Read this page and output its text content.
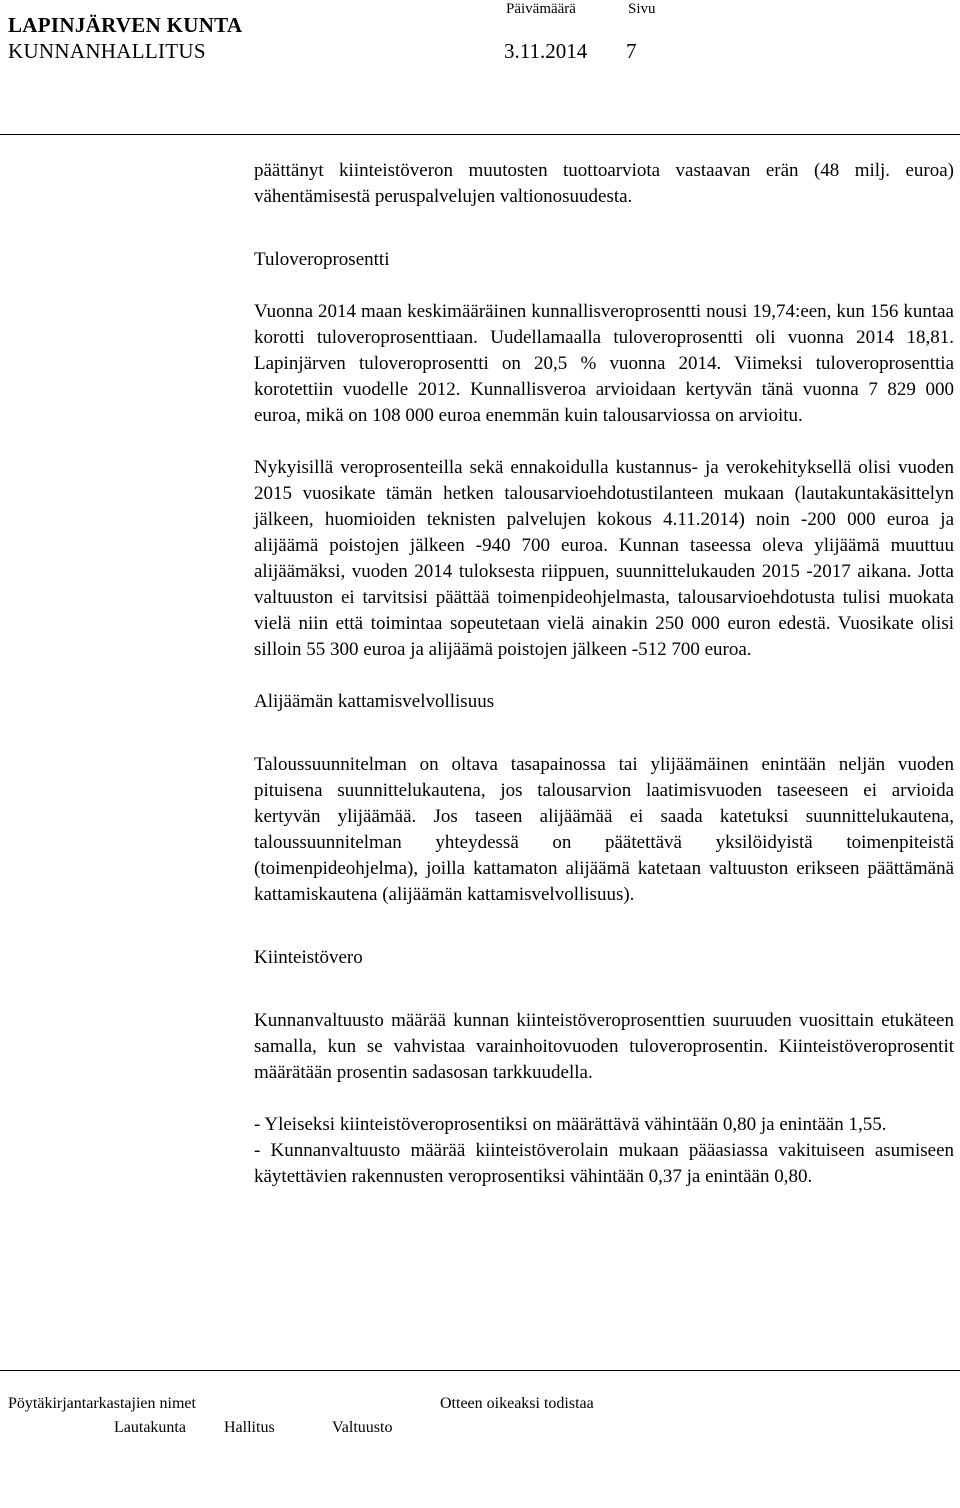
LAPINJÄRVEN KUNTA
KUNNANHALLITUS
Päivämäärä	Sivu
3.11.2014 7

päättänyt kiinteistöveron muutosten tuottoarviota vastaavan erän (48 milj. euroa) vähentämisestä peruspalvelujen valtionosuudesta.

Tuloveroprosentti

Vuonna 2014 maan keskimääräinen kunnallisveroprosentti nousi 19,74:een, kun 156 kuntaa korotti tuloveroprosenttiaan. Uudellamaalla tuloveroprosentti oli vuonna 2014 18,81. Lapinjärven tuloveroprosentti on 20,5 % vuonna 2014. Viimeksi tuloveroprosenttia korotettiin vuodelle 2012. Kunnallisveroa arvioidaan kertyvän tänä vuonna 7 829 000 euroa, mikä on 108 000 euroa enemmän kuin talousarviossa on arvioitu.

Nykyisillä veroprosenteilla sekä ennakoidulla kustannus- ja verokehityksellä olisi vuoden 2015 vuosikate tämän hetken talousarvioehdotustilanteen mukaan (lautakuntakäsittelyn jälkeen, huomioiden teknisten palvelujen kokous 4.11.2014) noin -200 000 euroa ja alijäämä poistojen jälkeen -940 700 euroa. Kunnan taseessa oleva ylijäämä muuttuu alijäämäksi, vuoden 2014 tuloksesta riippuen, suunnittelukauden 2015 -2017 aikana. Jotta valtuuston ei tarvitsisi päättää toimenpideohjelmasta, talousarvioehdotusta tulisi muokata vielä niin että toimintaa sopeutetaan vielä ainakin 250 000 euron edestä. Vuosikate olisi silloin 55 300 euroa ja alijäämä poistojen jälkeen -512 700 euroa.

Alijäämän kattamisvelvollisuus

Taloussuunnitelman on oltava tasapainossa tai ylijäämäinen enintään neljän vuoden pituisena suunnittelukautena, jos talousarvion laatimisvuoden taseeseen ei arvioida kertyvän ylijäämää. Jos taseen alijäämää ei saada katetuksi suunnittelukautena, taloussuunnitelman yhteydessä on päätettävä yksilöidyistä toimenpiteistä (toimenpideohjelma), joilla kattamaton alijäämä katetaan valtuuston erikseen päättämänä kattamiskautena (alijäämän kattamisvelvollisuus).

Kiinteistövero

Kunnanvaltuusto määrää kunnan kiinteistöveroprosenttien suuruuden vuosittain etukäteen samalla, kun se vahvistaa varainhoitovuoden tuloveroprosentin. Kiinteistöveroprosentit määrätään prosentin sadasosan tarkkuudella.

- Yleiseksi kiinteistöveroprosentiksi on määrättävä vähintään 0,80 ja enintään 1,55.

- Kunnanvaltuusto määrää kiinteistöverolain mukaan pääasiassa vakituiseen asumiseen käytettävien rakennusten veroprosentiksi vähintään 0,37 ja enintään 0,80.

Pöytäkirjantarkastajien nimet	Otteen oikeaksi todistaa
Lautakunta Hallitus	Valtuusto
